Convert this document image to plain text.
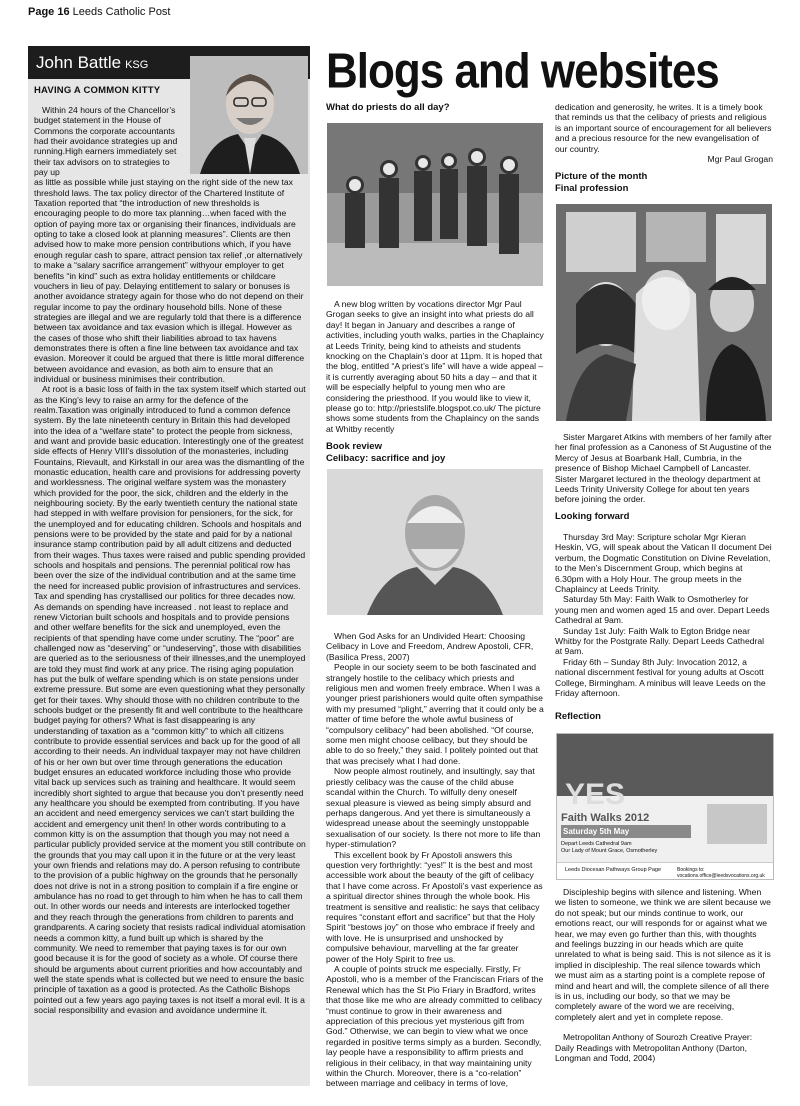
Page 16 Leeds Catholic Post
John Battle KSG
HAVING A COMMON KITTY

Within 24 hours of the Chancellor’s budget statement in the House of Commons the corporate accountants had their avoidance strategies up and running.High earners immediately set their tax advisors on to strategies to pay up

as little as possible while just staying on the right side of the new tax threshold laws. The tax policy director of the Chartered Institute of Taxation reported that “the introduction of new thresholds is encouraging people to do more tax planning…when faced with the option of paying more tax or organising their finances, individuals are opting to take a closed look at planning measures”. Clients are then advised how to make more pension contributions which, if you have enough regular cash to spare, attract pension tax relief ,or alternatively to make a “salary sacrifice arrangement” withyour employer to get benefits “in kind” such as extra holiday entitlements or childcare vouchers in lieu of pay. Delaying entitlement to salary or bonuses is another avoidance strategy again for those who do not depend on their regular income to pay the ordinary household bills. None of these strategies are illegal and we are regularly told that there is a difference between tax avoidance and tax evasion which is illegal. However as the cases of those who shift their liabilities abroad to tax havens demonstrates there is often a fine line between tax avoidance and tax evasion. Moreover it could be argued that there is little moral difference between avoidance and evasion, as both aim to ensure that an individual or business minimises their contribution.

At root is a basic loss of faith in the tax system itself which started out as the King’s levy to raise an army for the defence of the realm.Taxation was originally introduced to fund a common defence system. By the late nineteenth century in Britain this had developed into the idea of a “welfare state” to protect the people from sickness, and want and provide basic education. Interestingly one of the greatest side effects of Henry VIII’s dissolution of the monasteries, including Fountains, Rievault, and Kirkstall in our area was the dismantling of the monastic education, health care and provisions for addressing poverty and worklessness. The original welfare system was the monastery which provided for the poor, the sick, children and the elderly in the neighbouring society. By the early twentieth century the national state had stepped in with welfare provision for pensioners, for the sick, for the unemployed and for educating children. Schools and hospitals and pensions were to be provided by the state and paid for by a national insurance stamp contribution paid by all adult citizens and deducted from their wages. Thus taxes were raised and public spending provided schools and hospitals and pensions. The perennial political row has been over the size of the individual contribution and at the same time the need for increased public provision of infrastructures and services. Tax and spending has crystallised our politics for three decades now. As demands on spending have increased . not least to replace and renew Victorian built schools and hospitals and to provide pensions and other welfare benefits for the sick and unemployed, even the recipients of that spending have come under scrutiny. The “poor” are challenged now as “deserving” or “undeserving”, those with disabilities are queried as to the seriousness of their illnesses,and the unemployed are told they must find work at any price. The rising aging population has put the bulk of welfare spending which is on state pensions under extreme pressure. But some are even questioning what they personally get for their taxes. Why should those with no children contribute to the schools budget or the presently fit and well contribute to the healthcare budget paying for others? What is fast disappearing is any understanding of taxation as a “common kitty” to which all citizens contribute to provide essential services and back up for the good of all according to their needs. An individual taxpayer may not have children of his or her own but over time through generations the education budget ensures an educated workforce including those who provide vital back up services such as training and healthcare. It would seem incredibly short sighted to argue that because you don’t presently need any healthcare you should be exempted from contributing. If you have an accident and need emergency services we can’t start building the accident and emergency unit then! In other words contributing to a common kitty is on the assumption that though you may not need a particular publicly provided service at the moment you still contribute on the grounds that you may call upon it in the future or at the very least your own friends and relations may do. A person refusing to contribute to the provision of a public highway on the grounds that he personally does not drive is not in a strong position to complain if a fire engine or ambulance has no road to get through to him when he has to call them out. In other words our needs and interests are interlocked together and they reach through the generations from children to parents and grandparents. A caring society that resists radical individual atomisation needs a common kitty, a fund built up which is shared by the community. We need to remember that paying taxes is for our own good because it is for the good of society as a whole. Of course there should be arguments about current priorities and how accountably and well the state spends what is collected but we need to ensure the basic principle of taxation as a good is protected. As the Catholic Bishops pointed out a few years ago paying taxes is not itself a moral evil. It is a social responsibility and evasion and avoidance undermine it.

Blogs and websites
What do priests do all day?

A new blog written by vocations director Mgr Paul Grogan seeks to give an insight into what priests do all day! It began in January and describes a range of activities, including youth walks, parties in the Chaplaincy at Leeds Trinity, being kind to atheists and students knocking on the Chaplain’s door at 11pm. It is hoped that the blog, entitled “A priest’s life” will have a wide appeal – it is currently averaging about 50 hits a day – and that it will be especially helpful to young men who are considering the priesthood. If you would like to view it, please go to: http://priestslife.blogspot.co.uk/ The picture shows some students from the Chaplaincy on the sands at Whitby recently

Book review
Celibacy: sacrifice and joy

When God Asks for an Undivided Heart: Choosing Celibacy in Love and Freedom, Andrew Apostoli, CFR, (Basilica Press, 2007)

People in our society seem to be both fascinated and strangely hostile to the celibacy which priests and religious men and women freely embrace. When I was a younger priest parishioners would quite often sympathise with my presumed “plight,” averring that it could only be a matter of time before the whole awful business of “compulsory celibacy” had been abolished. “Of course, some men might choose celibacy, but they should be able to do so freely,” they said. I politely pointed out that that was precisely what I had done.

Now people almost routinely, and insultingly, say that priestly celibacy was the cause of the child abuse scandal within the Church. To wilfully deny oneself sexual pleasure is viewed as being simply absurd and perhaps dangerous. And yet there is simultaneously a widespread unease about the seemingly unstoppable sexualisation of our society. Is there not more to life than hyper-stimulation?

This excellent book by Fr Apostoli answers this question very forthrightly: “yes!” It is the best and most accessible work about the beauty of the gift of celibacy that I have come across. Fr Apostoli’s vast experience as a spiritual director shines through the whole book. His treatment is sensitive and realistic: he says that celibacy requires “constant effort and sacrifice” but that the Holy Spirit “bestows joy” on those who embrace if freely and with love. He is unsurprised and unshocked by compulsive behaviour, marvelling at the far greater power of the Holy Spirit to free us.

A couple of points struck me especially. Firstly, Fr Apostoli, who is a member of the Franciscan Friars of the Renewal which has the St Pio Friary in Bradford, writes that those like me who are already committed to celibacy “must continue to grow in their awareness and appreciation of this precious yet mysterious gift from God.” Otherwise, we can begin to view what we once regarded in positive terms simply as a burden. Secondly, lay people have a responsibility to affirm priests and religious in their celibacy, in that way maintaining unity within the Church. Moreover, there is a “co-relation” between marriage and celibacy in terms of love,

dedication and generosity, he writes. It is a timely book that reminds us that the celibacy of priests and religious is an important source of encouragement for all believers and a precious resource for the new evangelisation of our country.

Mgr Paul Grogan
Picture of the month
Final profession

Sister Margaret Atkins with members of her family after her final profession as a Canoness of St Augustine of the Mercy of Jesus at Boarbank Hall, Cumbria, in the presence of Bishop Michael Campbell of Lancaster. Sister Margaret lectured in the theology department at Leeds Trinity University College for about ten years before joining the order.

Looking forward

Thursday 3rd May: Scripture scholar Mgr Kieran Heskin, VG, will speak about the Vatican II document Dei verbum, the Dogmatic Constitution on Divine Revelation, to the Men’s Discernment Group, which begins at 6.30pm with a Holy Hour. The group meets in the Chaplaincy at Leeds Trinity.

Saturday 5th May: Faith Walk to Osmotherley for young men and women aged 15 and over. Depart Leeds Cathedral at 9am.

Sunday 1st July: Faith Walk to Egton Bridge near Whitby for the Postgrate Rally. Depart Leeds Cathedral at 9am.

Friday 6th – Sunday 8th July: Invocation 2012, a national discernment festival for young adults at Oscott College, Birmingham. A minibus will leave Leeds on the Friday afternoon.

Reflection
YES
Faith Walks 2012
Saturday 5th May
Depart Leeds Cathedral 9am
Our Lady of Mount Grace, Osmotherley
Leeds Diocesan Pathways Group Page	Bookings to: vocations.office@leedsvocations.org.uk

Discipleship begins with silence and listening. When we listen to someone, we think we are silent because we do not speak; but our minds continue to work, our emotions react, our will responds for or against what we hear, we may even go further than this, with thoughts and feelings buzzing in our heads which are quite unrelated to what is being said. This is not silence as it is implied in discipleship. The real silence towards which we must aim as a starting point is a complete repose of mind and heart and will, the complete silence of all there is in us, including our body, so that we may be completely aware of the word we are receiving, completely alert and yet in complete repose.

Metropolitan Anthony of Sourozh Creative Prayer: Daily Readings with Metropolitan Anthony (Darton, Longman and Todd, 2004)
